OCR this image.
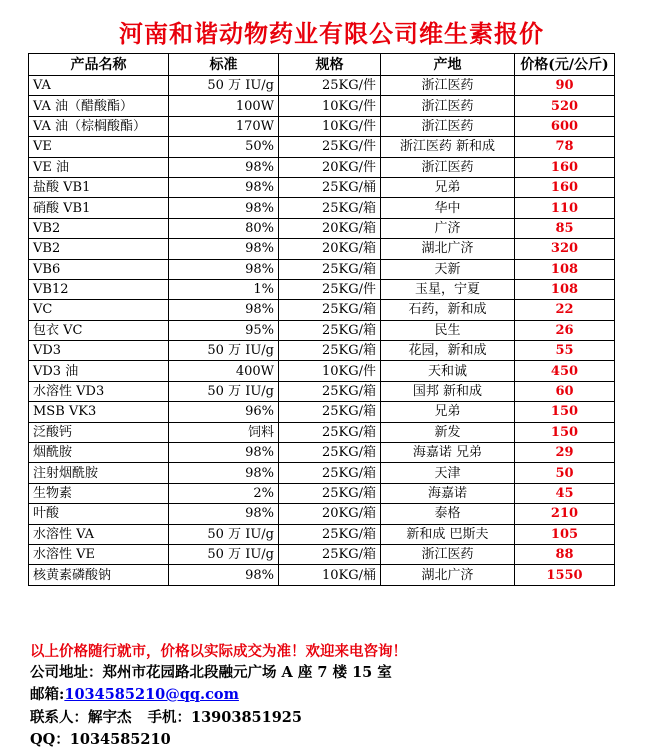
河南和谐动物药业有限公司维生素报价
产品名称	标准	规格	产地	价格(元/公斤)
VA	50 万 IU/g	25KG/件	浙江医药	90
VA 油（醋酸酯）	100W	10KG/件	浙江医药	520
VA 油（棕榈酸酯）	170W	10KG/件	浙江医药	600
VE	50%	25KG/件	浙江医药 新和成	78
VE 油	98%	20KG/件	浙江医药	160
盐酸 VB1	98%	25KG/桶	兄弟	160
硝酸 VB1	98%	25KG/箱	华中	110
VB2	80%	20KG/箱	广济	85
VB2	98%	20KG/箱	湖北广济	320
VB6	98%	25KG/箱	天新	108
VB12	1%	25KG/件	玉星，宁夏	108
VC	98%	25KG/箱	石药，新和成	22
包衣 VC	95%	25KG/箱	民生	26
VD3	50 万 IU/g	25KG/箱	花园，新和成	55
VD3 油	400W	10KG/件	天和诚	450
水溶性 VD3	50 万 IU/g	25KG/箱	国邦 新和成	60
MSB VK3	96%	25KG/箱	兄弟	150
泛酸钙	饲料	25KG/箱	新发	150
烟酰胺	98%	25KG/箱	海嘉诺 兄弟	29
注射烟酰胺	98%	25KG/箱	天津	50
生物素	2%	25KG/箱	海嘉诺	45
叶酸	98%	20KG/箱	泰格	210
水溶性 VA	50 万 IU/g	25KG/箱	新和成 巴斯夫	105
水溶性 VE	50 万 IU/g	25KG/箱	浙江医药	88
核黄素磷酸钠	98%	10KG/桶	湖北广济	1550
以上价格随行就市，价格以实际成交为准！欢迎来电咨询！
公司地址：郑州市花园路北段融元广场 A 座 7 楼 15 室
邮箱:1034585210@qq.com
联系人：解宇杰 手机：13903851925
QQ：1034585210
